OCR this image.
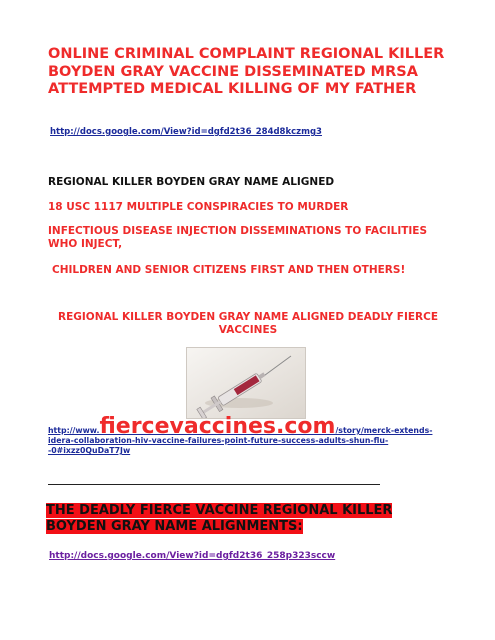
ONLINE CRIMINAL COMPLAINT REGIONAL KILLER BOYDEN GRAY VACCINE DISSEMINATED MRSA ATTEMPTED MEDICAL KILLING OF MY FATHER
http://docs.google.com/View?id=dgfd2t36_284d8kczmg3

REGIONAL KILLER BOYDEN GRAY NAME ALIGNED

18 USC 1117 MULTIPLE CONSPIRACIES TO MURDER

INFECTIOUS DISEASE INJECTION DISSEMINATIONS TO FACILITIES WHO INJECT,

CHILDREN AND SENIOR CITIZENS FIRST AND THEN OTHERS!

REGIONAL KILLER BOYDEN GRAY NAME ALIGNED DEADLY FIERCE VACCINES

http://www.fiercevaccines.com/story/merck-extends-idera-collaboration-hiv-vaccine-failures-point-future-success-adults-shun-flu--0#ixzz0QuDaT7Jw

THE DEADLY FIERCE VACCINE REGIONAL KILLER BOYDEN GRAY NAME ALIGNMENTS:

http://docs.google.com/View?id=dgfd2t36_258p323sccw
